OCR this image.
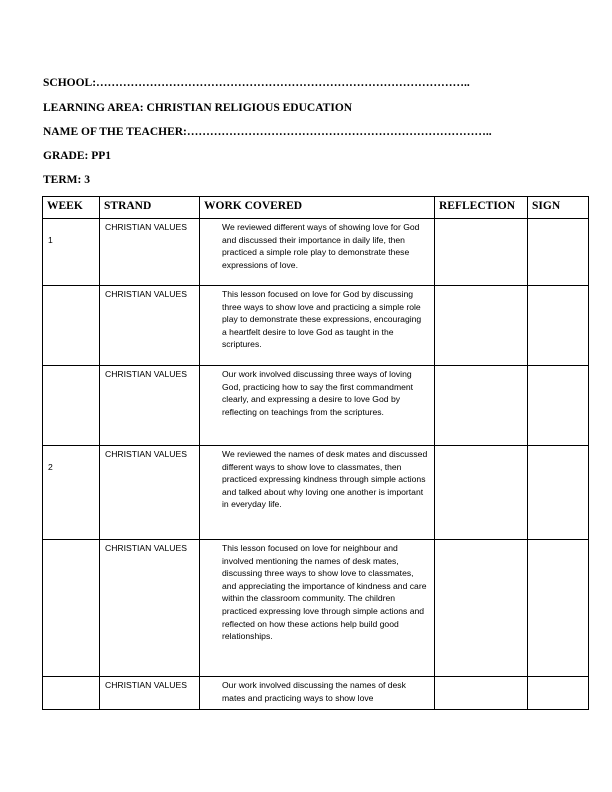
SCHOOL:……………………………………………………………………………………..
LEARNING AREA: CHRISTIAN RELIGIOUS EDUCATION
NAME OF THE TEACHER:……………………………………………………………………..
GRADE: PP1
TERM: 3
WEEK	STRAND	WORK COVERED	REFLECTION	SIGN

1	CHRISTIAN VALUES	We reviewed different ways of showing love for God and discussed their importance in daily life, then practiced a simple role play to demonstrate these expressions of love.		

	CHRISTIAN VALUES	This lesson focused on love for God by discussing three ways to show love and practicing a simple role play to demonstrate these expressions, encouraging a heartfelt desire to love God as taught in the scriptures.		

	CHRISTIAN VALUES	Our work involved discussing three ways of loving God, practicing how to say the first commandment clearly, and expressing a desire to love God by reflecting on teachings from the scriptures.		

2	CHRISTIAN VALUES	We reviewed the names of desk mates and discussed different ways to show love to classmates, then practiced expressing kindness through simple actions and talked about why loving one another is important in everyday life.		

	CHRISTIAN VALUES	This lesson focused on love for neighbour and involved mentioning the names of desk mates, discussing three ways to show love to classmates, and appreciating the importance of kindness and care within the classroom community. The children practiced expressing love through simple actions and reflected on how these actions help build good relationships.		

	CHRISTIAN VALUES	Our work involved discussing the names of desk mates and practicing ways to show love		
